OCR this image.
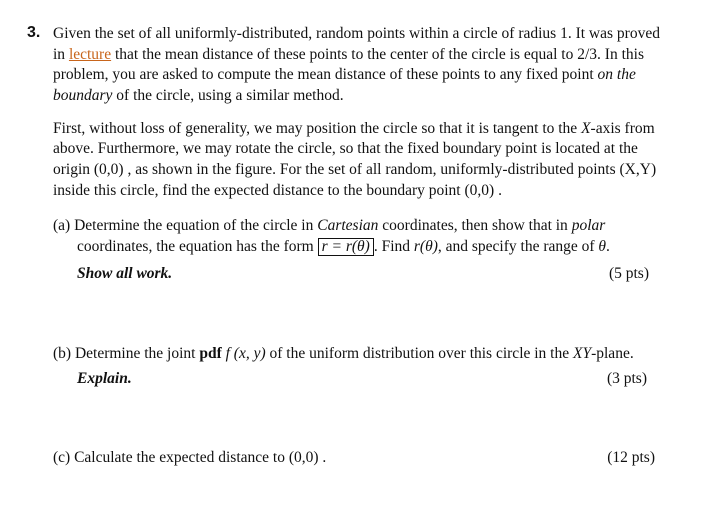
3. Given the set of all uniformly-distributed, random points within a circle of radius 1. It was proved
in lecture that the mean distance of these points to the center of the circle is equal to 2/3. In this
problem, you are asked to compute the mean distance of these points to any fixed point on the
boundary of the circle, using a similar method.
First, without loss of generality, we may position the circle so that it is tangent to the X-axis from
above. Furthermore, we may rotate the circle, so that the fixed boundary point is located at the
origin (0,0) , as shown in the figure. For the set of all random, uniformly-distributed points (X,Y)
inside this circle, find the expected distance to the boundary point (0,0) .
(a) Determine the equation of the circle in Cartesian coordinates, then show that in polar
coordinates, the equation has the form r = r(θ) . Find r(θ), and specify the range of θ.
Show all work.	(5 pts)
(b) Determine the joint pdf f (x, y) of the uniform distribution over this circle in the XY-plane.
Explain.	(3 pts)
(c) Calculate the expected distance to (0,0) .	(12 pts)
